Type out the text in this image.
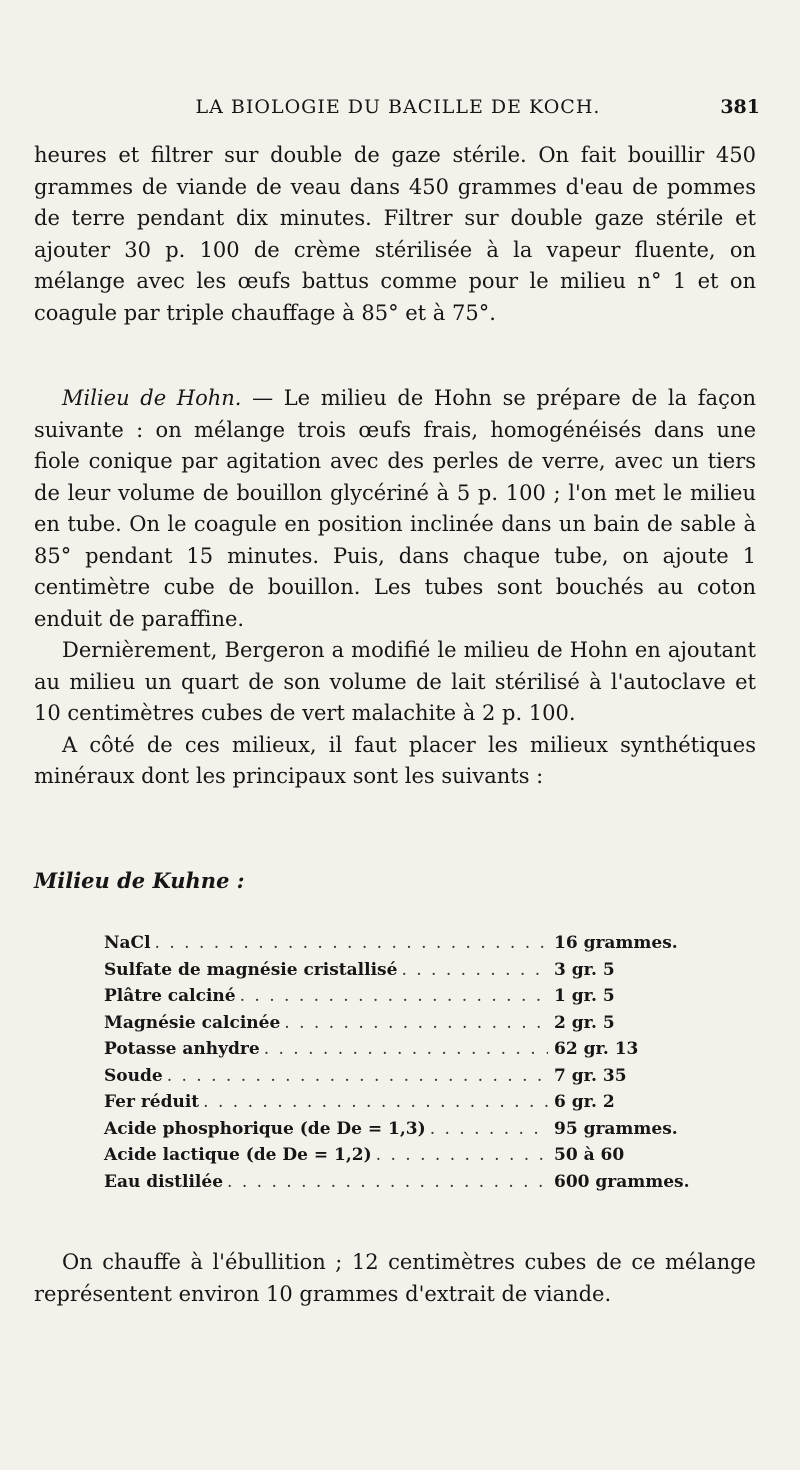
LA BIOLOGIE DU BACILLE DE KOCH.	381

heures et filtrer sur double de gaze stérile. On fait bouillir 450 grammes de viande de veau dans 450 grammes d'eau de pommes de terre pendant dix minutes. Filtrer sur double gaze stérile et ajouter 30 p. 100 de crème stérilisée à la vapeur fluente, on mélange avec les œufs battus comme pour le milieu n° 1 et on coagule par triple chauffage à 85° et à 75°.

Milieu de Hohn. — Le milieu de Hohn se prépare de la façon suivante : on mélange trois œufs frais, homogénéisés dans une fiole conique par agitation avec des perles de verre, avec un tiers de leur volume de bouillon glycériné à 5 p. 100 ; l'on met le milieu en tube. On le coagule en position inclinée dans un bain de sable à 85° pendant 15 minutes. Puis, dans chaque tube, on ajoute 1 centimètre cube de bouillon. Les tubes sont bouchés au coton enduit de paraffine.

Dernièrement, Bergeron a modifié le milieu de Hohn en ajoutant au milieu un quart de son volume de lait stérilisé à l'autoclave et 10 centimètres cubes de vert malachite à 2 p. 100.

A côté de ces milieux, il faut placer les milieux synthétiques minéraux dont les principaux sont les suivants :

Milieu de Kuhne :

NaCl . . .	16 grammes.
Sulfate de magnésie cristallisé . . .	3 gr. 5
Plâtre calciné . . .	1 gr. 5
Magnésie calcinée . . .	2 gr. 5
Potasse anhydre . . .	62 gr. 13
Soude . . .	7 gr. 35
Fer réduit . . .	6 gr. 2
Acide phosphorique (de De = 1,3) . . .	95 grammes.
Acide lactique (de De = 1,2) . . .	50 à 60
Eau distlilée . . .	600 grammes.

On chauffe à l'ébullition ; 12 centimètres cubes de ce mélange représentent environ 10 grammes d'extrait de viande.
